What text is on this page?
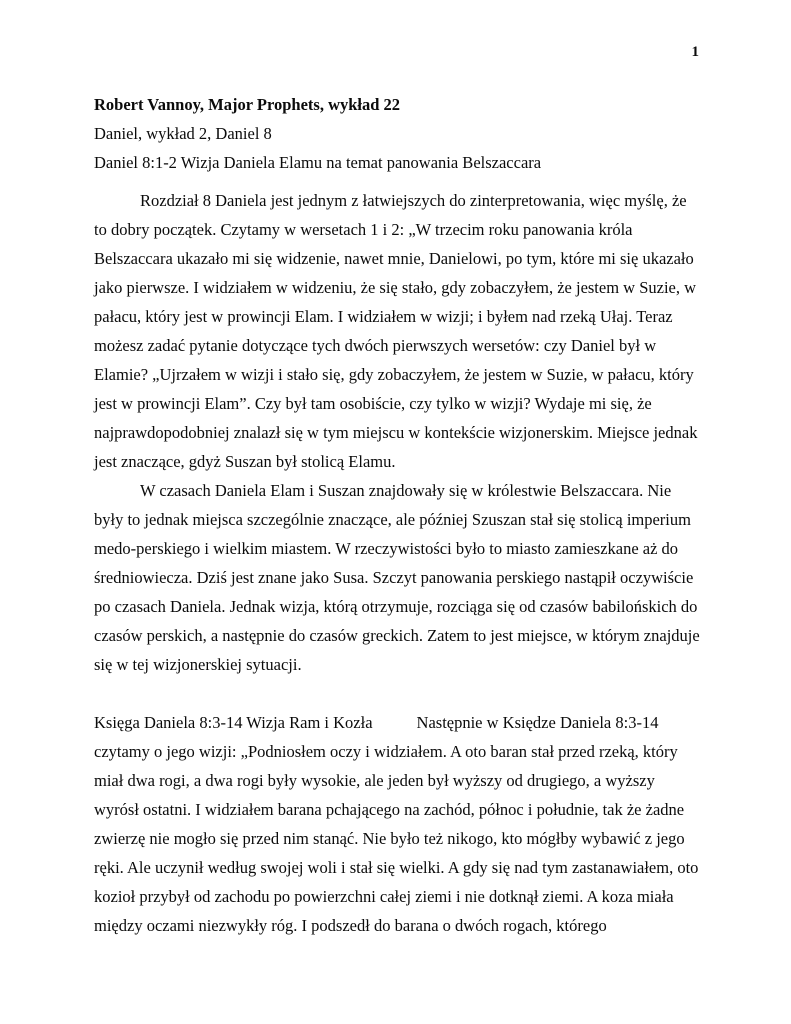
1

Robert Vannoy, Major Prophets, wykład 22

Daniel, wykład 2, Daniel 8

Daniel 8:1-2 Wizja Daniela Elamu na temat panowania Belszaccara

Rozdział 8 Daniela jest jednym z łatwiejszych do zinterpretowania, więc myślę, że to dobry początek. Czytamy w wersetach 1 i 2: „W trzecim roku panowania króla Belszaccara ukazało mi się widzenie, nawet mnie, Danielowi, po tym, które mi się ukazało jako pierwsze. I widziałem w widzeniu, że się stało, gdy zobaczyłem, że jestem w Suzie, w pałacu, który jest w prowincji Elam. I widziałem w wizji; i byłem nad rzeką Ułaj. Teraz możesz zadać pytanie dotyczące tych dwóch pierwszych wersetów: czy Daniel był w Elamie? „Ujrzałem w wizji i stało się, gdy zobaczyłem, że jestem w Suzie, w pałacu, który jest w prowincji Elam”. Czy był tam osobiście, czy tylko w wizji? Wydaje mi się, że najprawdopodobniej znalazł się w tym miejscu w kontekście wizjonerskim. Miejsce jednak jest znaczące, gdyż Suszan był stolicą Elamu.

W czasach Daniela Elam i Suszan znajdowały się w królestwie Belszaccara. Nie były to jednak miejsca szczególnie znaczące, ale później Szuszan stał się stolicą imperium medo-perskiego i wielkim miastem. W rzeczywistości było to miasto zamieszkane aż do średniowiecza. Dziś jest znane jako Susa. Szczyt panowania perskiego nastąpił oczywiście po czasach Daniela. Jednak wizja, którą otrzymuje, rozciąga się od czasów babilońskich do czasów perskich, a następnie do czasów greckich. Zatem to jest miejsce, w którym znajduje się w tej wizjonerskiej sytuacji.

Księga Daniela 8:3-14 Wizja Ram i Kozła	Następnie w Księdze Daniela 8:3-14 czytamy o jego wizji: „Podniosłem oczy i widziałem. A oto baran stał przed rzeką, który miał dwa rogi, a dwa rogi były wysokie, ale jeden był wyższy od drugiego, a wyższy wyrósł ostatni. I widziałem barana pchającego na zachód, północ i południe, tak że żadne zwierzę nie mogło się przed nim stanąć. Nie było też nikogo, kto mógłby wybawić z jego ręki. Ale uczynił według swojej woli i stał się wielki. A gdy się nad tym zastanawiałem, oto kozioł przybył od zachodu po powierzchni całej ziemi i nie dotknął ziemi. A koza miała między oczami niezwykły róg. I podszedł do barana o dwóch rogach, którego
